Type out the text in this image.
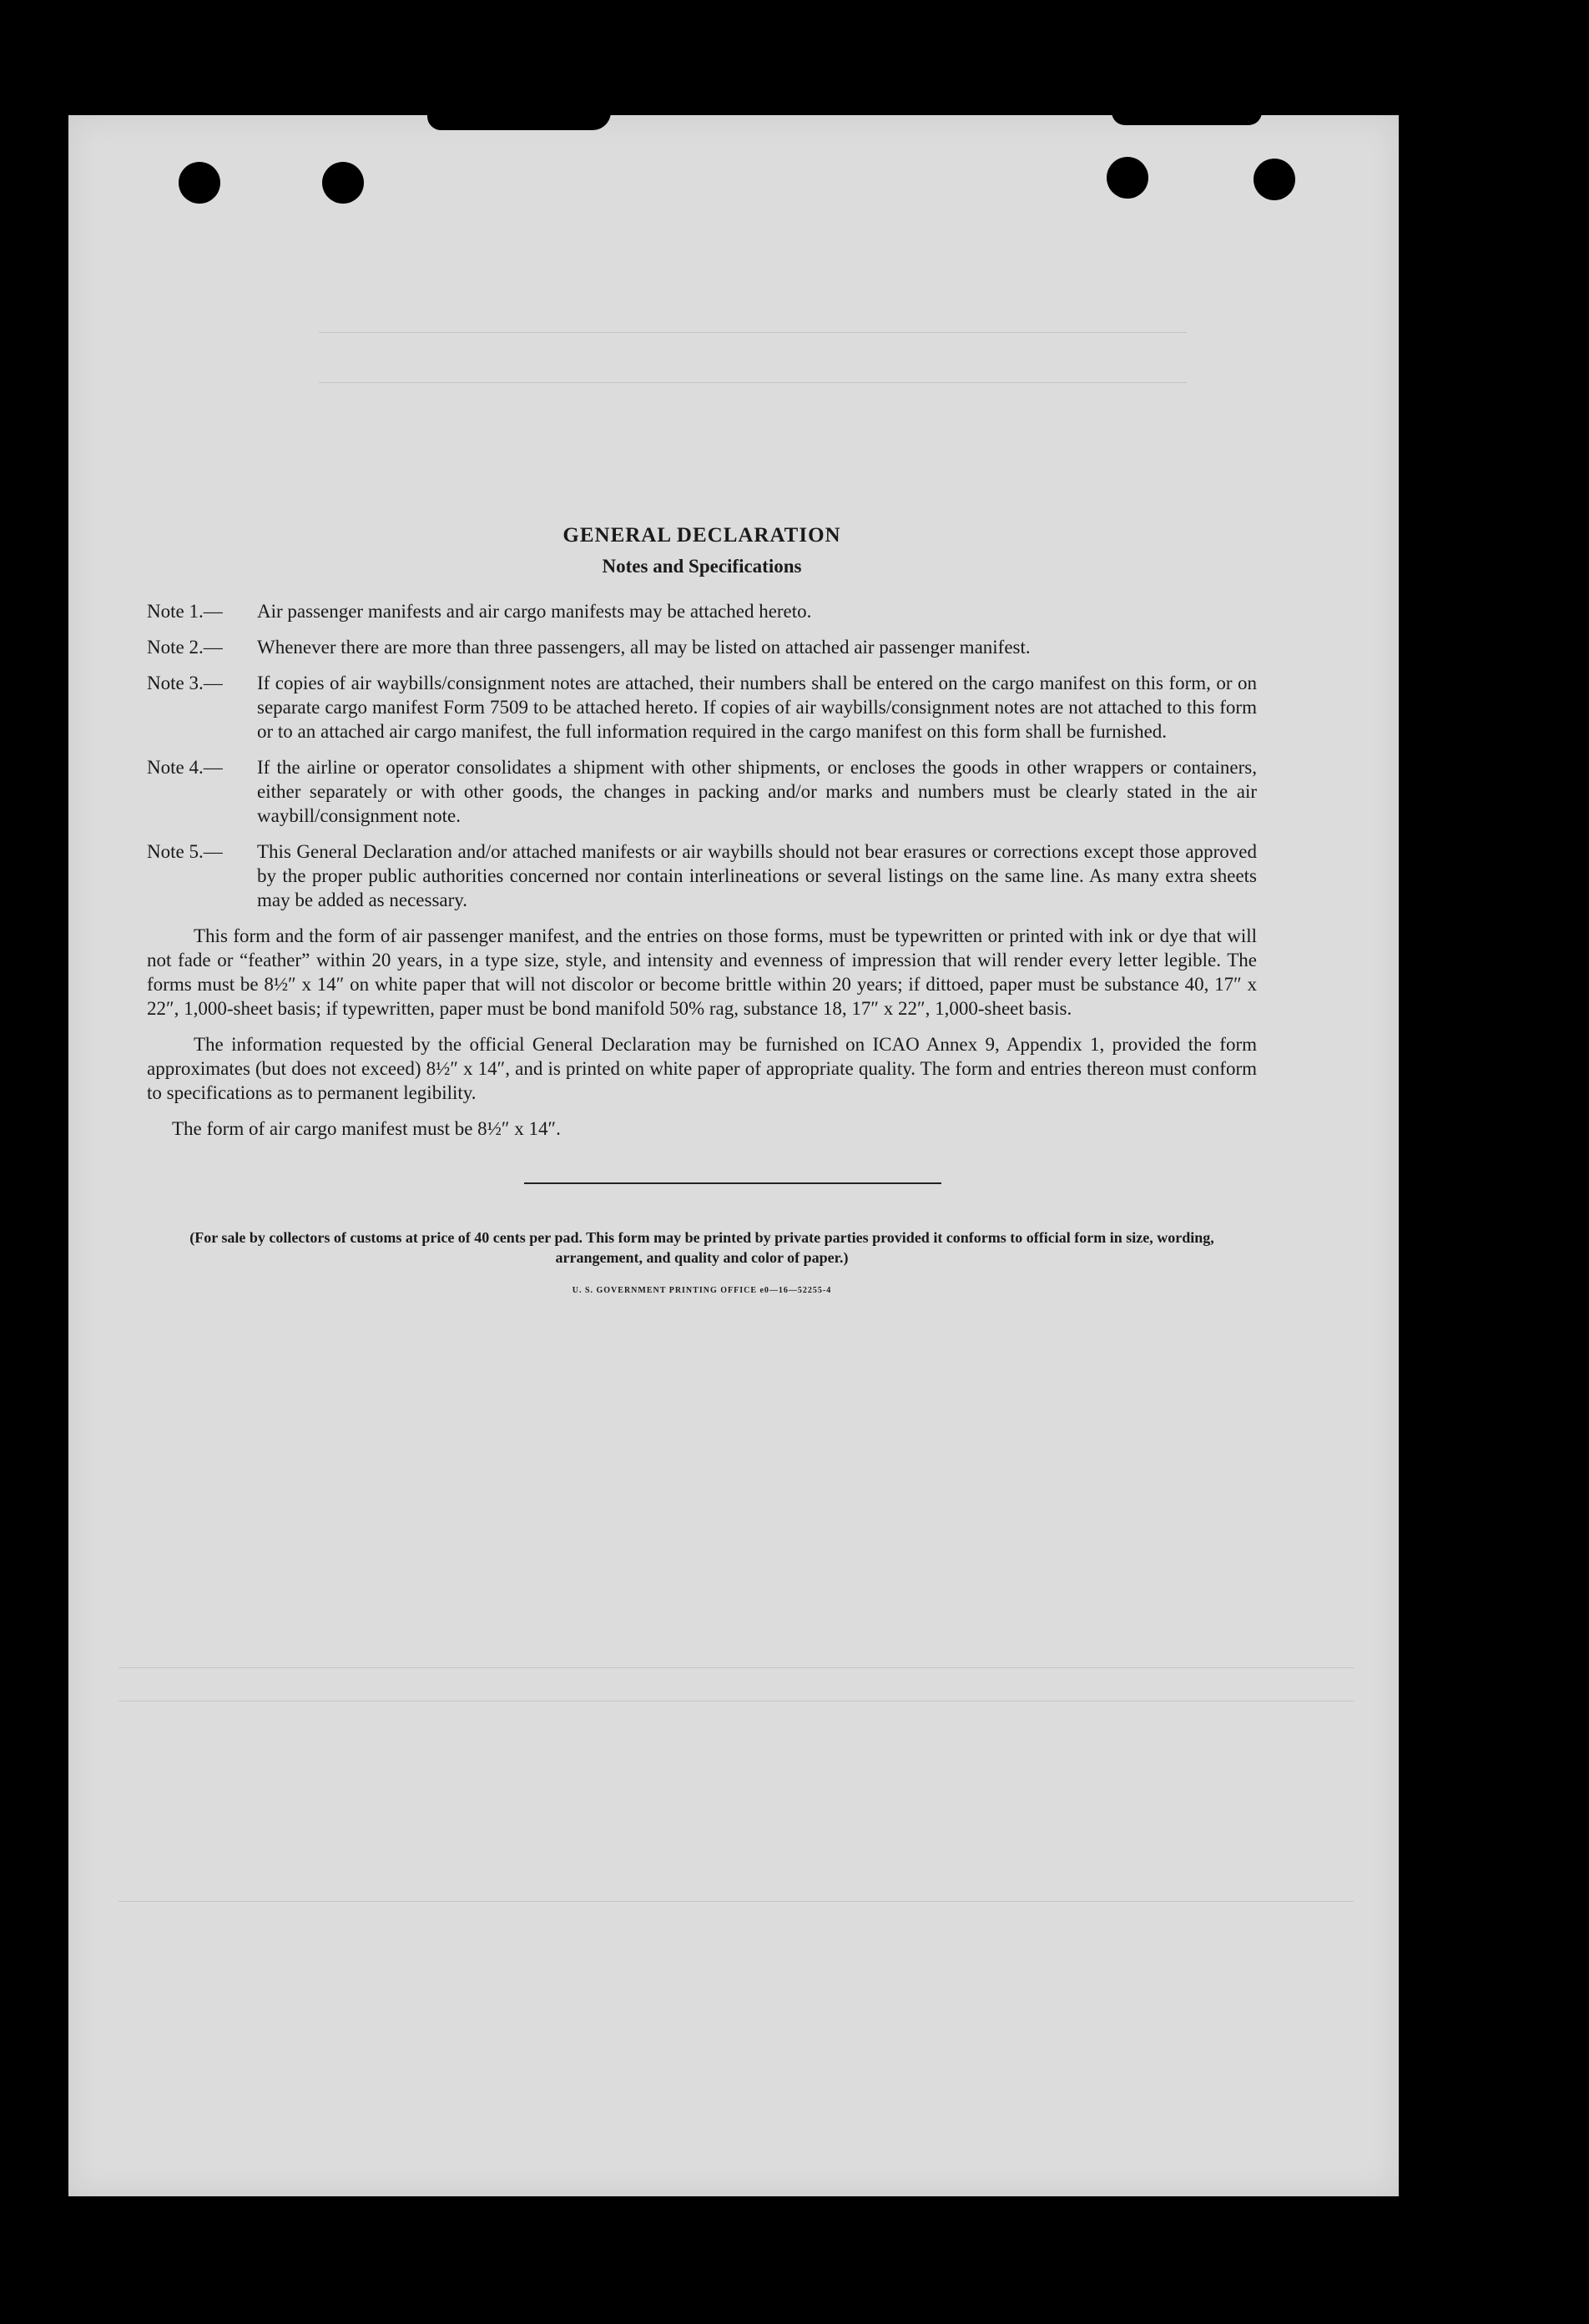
GENERAL DECLARATION
Notes and Specifications
Note 1.—	Air passenger manifests and air cargo manifests may be attached hereto.
Note 2.—	Whenever there are more than three passengers, all may be listed on attached air passenger manifest.
Note 3.—	If copies of air waybills/consignment notes are attached, their numbers shall be entered on the cargo manifest on this form, or on separate cargo manifest Form 7509 to be attached hereto. If copies of air waybills/consignment notes are not attached to this form or to an attached air cargo manifest, the full information required in the cargo manifest on this form shall be furnished.
Note 4.—	If the airline or operator consolidates a shipment with other shipments, or encloses the goods in other wrappers or containers, either separately or with other goods, the changes in packing and/or marks and numbers must be clearly stated in the air waybill/consignment note.
Note 5.—	This General Declaration and/or attached manifests or air waybills should not bear erasures or corrections except those approved by the proper public authorities concerned nor contain interlineations or several listings on the same line. As many extra sheets may be added as necessary.

This form and the form of air passenger manifest, and the entries on those forms, must be typewritten or printed with ink or dye that will not fade or “feather” within 20 years, in a type size, style, and intensity and evenness of impression that will render every letter legible. The forms must be 8½″ x 14″ on white paper that will not discolor or become brittle within 20 years; if dittoed, paper must be substance 40, 17″ x 22″, 1,000-sheet basis; if typewritten, paper must be bond manifold 50% rag, substance 18, 17″ x 22″, 1,000-sheet basis.

The information requested by the official General Declaration may be furnished on ICAO Annex 9, Appendix 1, provided the form approximates (but does not exceed) 8½″ x 14″, and is printed on white paper of appropriate quality. The form and entries thereon must conform to specifications as to permanent legibility.

The form of air cargo manifest must be 8½″ x 14″.

(For sale by collectors of customs at price of 40 cents per pad. This form may be printed by private parties provided it conforms to official form in size, wording, arrangement, and quality and color of paper.)
U. S. GOVERNMENT PRINTING OFFICE e0—16—52255-4
